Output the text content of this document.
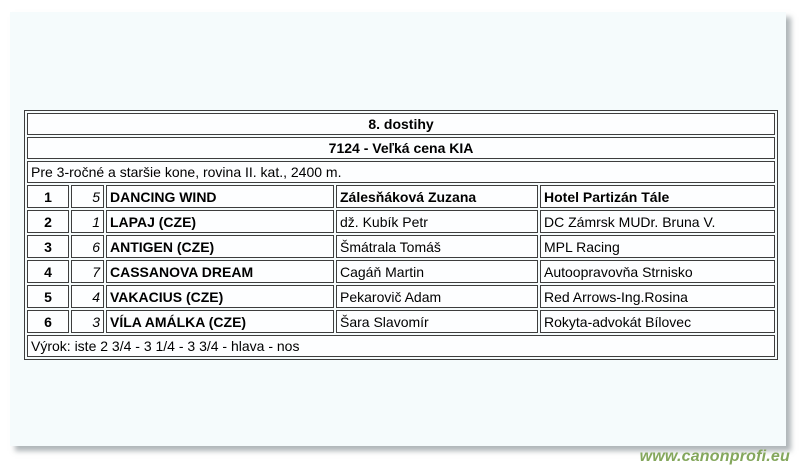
8. dostihy				
7124 - Veľká cena KIA				
Pre 3-ročné a staršie kone, rovina II. kat., 2400 m.				
1	5	DANCING WIND	Zálesňáková Zuzana	Hotel Partizán Tále
2	1	LAPAJ (CZE)	dž. Kubík Petr	DC Zámrsk MUDr. Bruna V.
3	6	ANTIGEN (CZE)	Šmátrala Tomáš	MPL Racing
4	7	CASSANOVA DREAM	Cagáň Martin	Autoopravovňa Strnisko
5	4	VAKACIUS (CZE)	Pekarovič Adam	Red Arrows-Ing.Rosina
6	3	VÍLA AMÁLKA (CZE)	Šara Slavomír	Rokyta-advokát Bílovec
Výrok: iste 2 3/4 - 3 1/4 - 3 3/4 - hlava - nos				
www.canonprofi.eu
